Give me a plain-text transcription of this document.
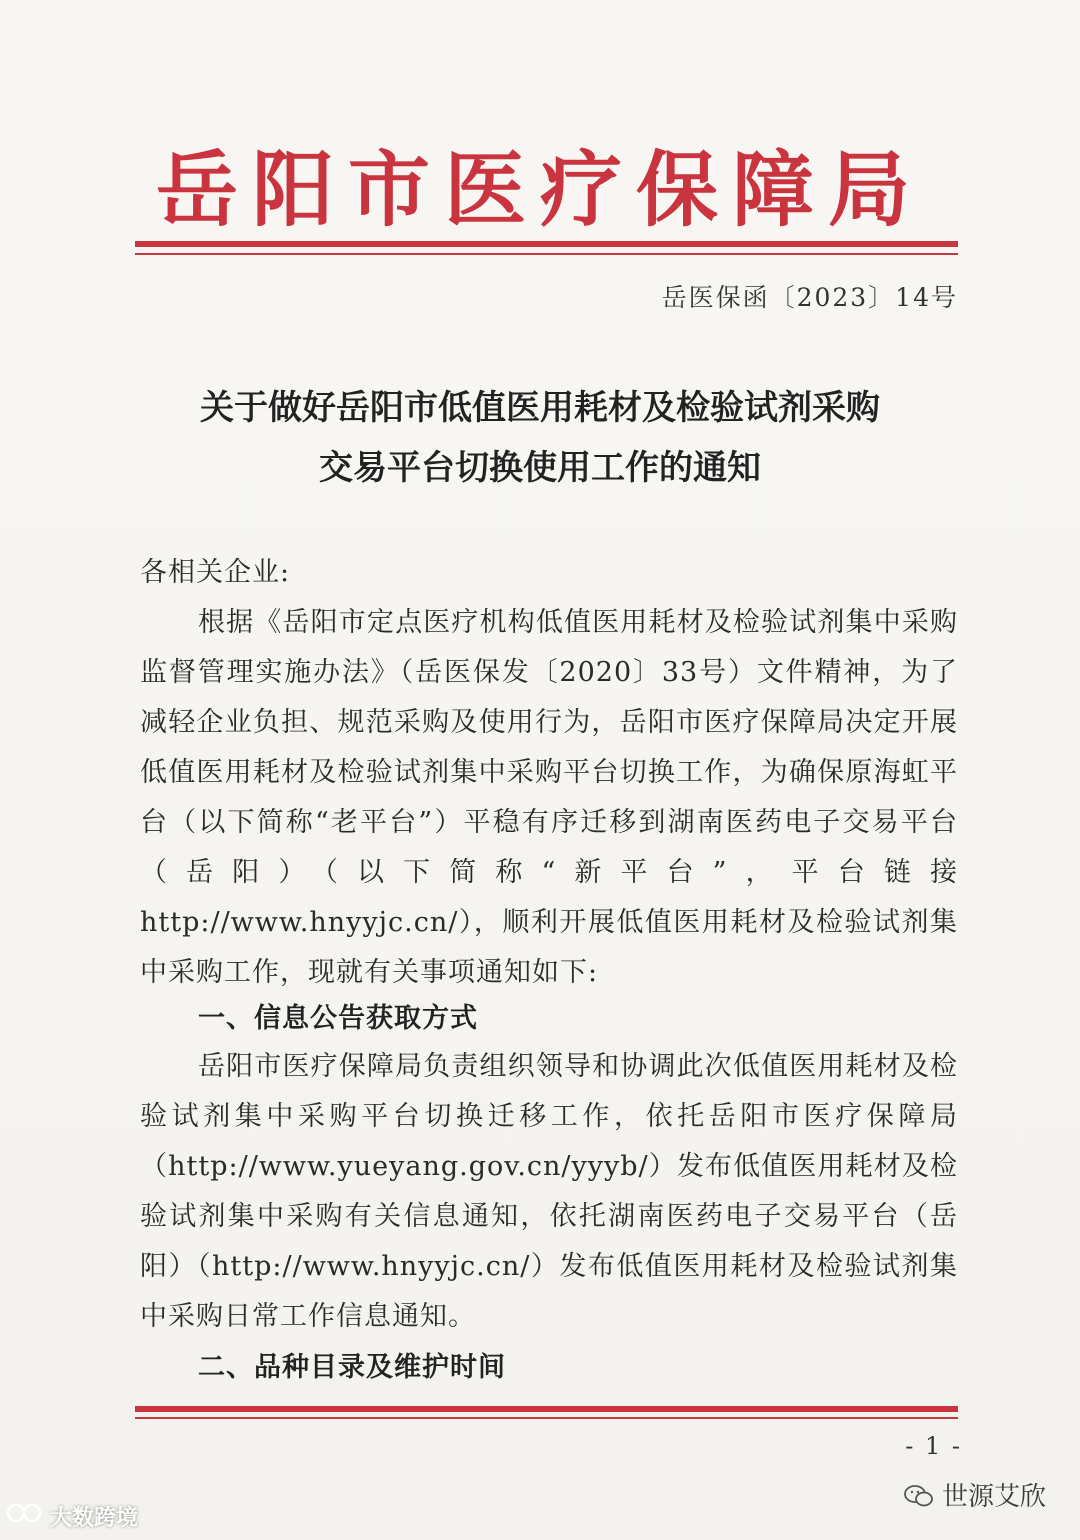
岳阳市医疗保障局
岳医保函〔2023〕14号
关于做好岳阳市低值医用耗材及检验试剂采购
交易平台切换使用工作的通知
各相关企业:

根据《岳阳市定点医疗机构低值医用耗材及检验试剂集中采购监督管理实施办法》（岳医保发〔2020〕33号）文件精神，为了减轻企业负担、规范采购及使用行为，岳阳市医疗保障局决定开展低值医用耗材及检验试剂集中采购平台切换工作，为确保原海虹平台（以下简称“老平台”）平稳有序迁移到湖南医药电子交易平台（岳阳）（以下简称“新平台”，平台链接http://www.hnyyjc.cn/），顺利开展低值医用耗材及检验试剂集中采购工作，现就有关事项通知如下:

一、信息公告获取方式

岳阳市医疗保障局负责组织领导和协调此次低值医用耗材及检验试剂集中采购平台切换迁移工作，依托岳阳市医疗保障局（http://www.yueyang.gov.cn/yyyb/）发布低值医用耗材及检验试剂集中采购有关信息通知，依托湖南医药电子交易平台（岳阳）（http://www.hnyyjc.cn/）发布低值医用耗材及检验试剂集中采购日常工作信息通知。

二、品种目录及维护时间
- 1 -
大数跨境
世源艾欣
